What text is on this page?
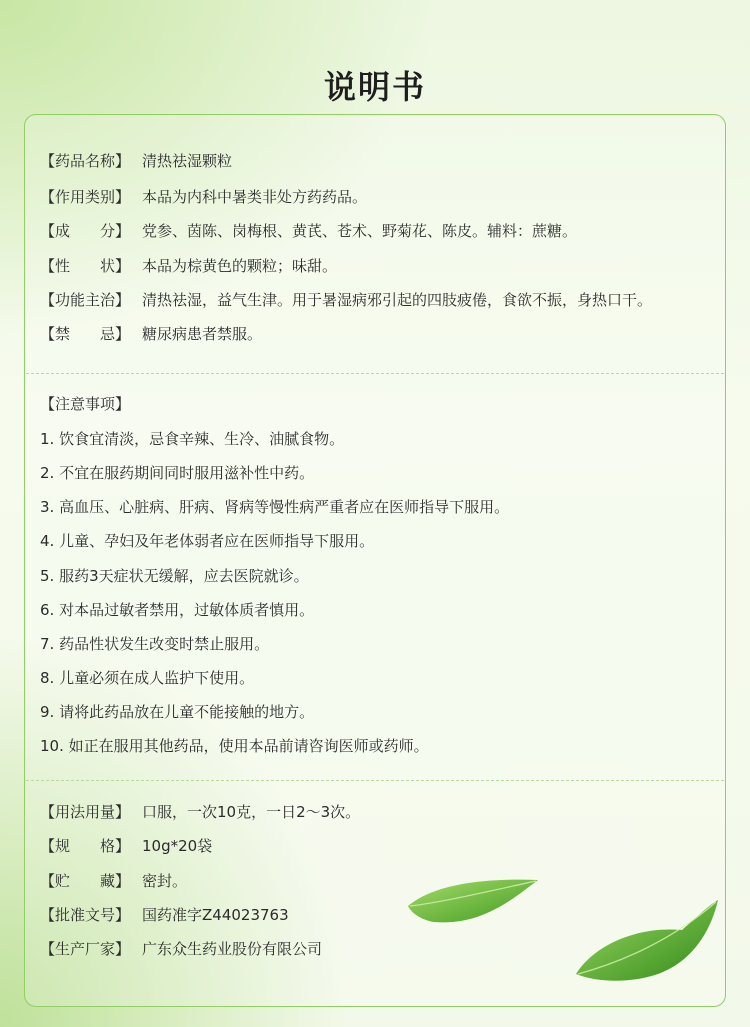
说明书
【药品名称】 清热祛湿颗粒
【作用类别】 本品为内科中暑类非处方药药品。
【成　　分】 党参、茵陈、岗梅根、黄芪、苍术、野菊花、陈皮。辅料：蔗糖。
【性　　状】 本品为棕黄色的颗粒；味甜。
【功能主治】 清热祛湿，益气生津。用于暑湿病邪引起的四肢疲倦，食欲不振，身热口干。
【禁　　忌】 糖尿病患者禁服。
【注意事项】
1. 饮食宜清淡，忌食辛辣、生冷、油腻食物。
2. 不宜在服药期间同时服用滋补性中药。
3. 高血压、心脏病、肝病、肾病等慢性病严重者应在医师指导下服用。
4. 儿童、孕妇及年老体弱者应在医师指导下服用。
5. 服药3天症状无缓解，应去医院就诊。
6. 对本品过敏者禁用，过敏体质者慎用。
7. 药品性状发生改变时禁止服用。
8. 儿童必须在成人监护下使用。
9. 请将此药品放在儿童不能接触的地方。
10. 如正在服用其他药品，使用本品前请咨询医师或药师。
【用法用量】 口服，一次10克，一日2～3次。
【规　　格】 10g*20袋
【贮　　藏】 密封。
【批准文号】 国药准字Z44023763
【生产厂家】 广东众生药业股份有限公司
